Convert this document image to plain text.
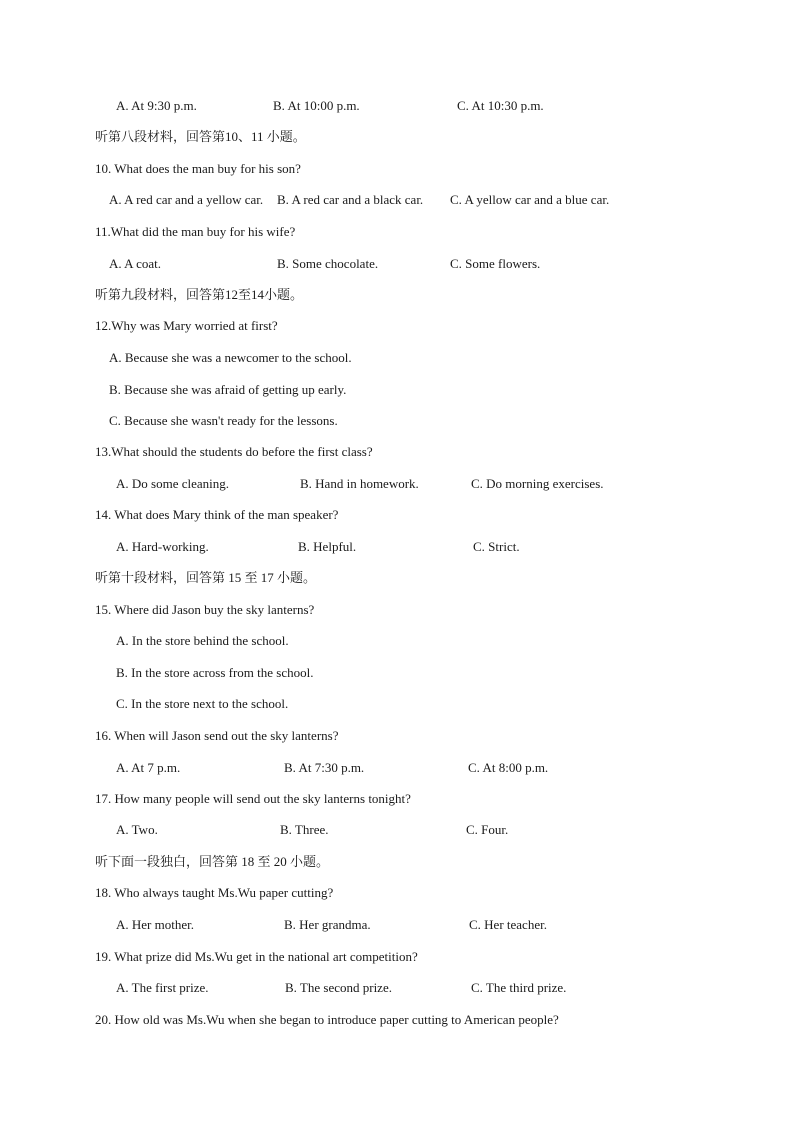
A. At 9:30 p.m.	B. At 10:00 p.m.	C. At 10:30 p.m.
听第八段材料，回答第10、11 小题。
10. What does the man buy for his son?
A. A red car and a yellow car. B. A red car and a black car. C. A yellow car and a blue car.
11.What did the man buy for his wife?
A. A coat.	B. Some chocolate.	C. Some flowers.
听第九段材料，回答第12至14小题。
12.Why was Mary worried at first?
A. Because she was a newcomer to the school.
B. Because she was afraid of getting up early.
C. Because she wasn't ready for the lessons.
13.What should the students do before the first class?
A. Do some cleaning.	B. Hand in homework.	C. Do morning exercises.
14. What does Mary think of the man speaker?
A. Hard-working.	B. Helpful.	C. Strict.
听第十段材料，回答第 15 至 17 小题。
15. Where did Jason buy the sky lanterns?
A. In the store behind the school.
B. In the store across from the school.
C. In the store next to the school.
16. When will Jason send out the sky lanterns?
A. At 7 p.m.	B. At 7:30 p.m.	C. At 8:00 p.m.
17. How many people will send out the sky lanterns tonight?
A. Two.	B. Three.	C. Four.
听下面一段独白，回答第 18 至 20 小题。
18. Who always taught Ms.Wu paper cutting?
A. Her mother.	B. Her grandma.	C. Her teacher.
19. What prize did Ms.Wu get in the national art competition?
A. The first prize.	B. The second prize.	C. The third prize.
20. How old was Ms.Wu when she began to introduce paper cutting to American people?
